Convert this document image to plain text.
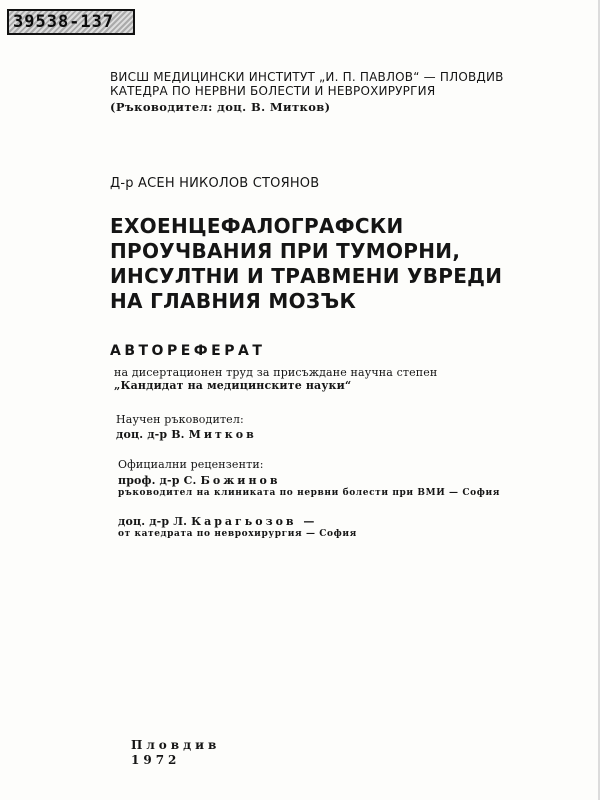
39538-137
ВИСШ МЕДИЦИНСКИ ИНСТИТУТ „И. П. ПАВЛОВ“ — ПЛОВДИВ
КАТЕДРА ПО НЕРВНИ БОЛЕСТИ И НЕВРОХИРУРГИЯ
(Ръководител: доц. В. Митков)
Д-р АСЕН НИКОЛОВ СТОЯНОВ
ЕХОЕНЦЕФАЛОГРАФСКИ
ПРОУЧВАНИЯ ПРИ ТУМОРНИ,
ИНСУЛТНИ И ТРАВМЕНИ УВРЕДИ
НА ГЛАВНИЯ МОЗЪК
АВТОРЕФЕРАТ
на дисертационен труд за присъждане научна степен
„Кандидат на медицинските науки“
Научен ръководител:
доц. д-р В. Митков
Официални рецензенти:
проф. д-р С. Божинов
ръководител на клиниката по нервни болести при ВМИ — София
доц. д-р Л. Карагьозов —
от катедрата по неврохирургия — София
Пловдив
1972
